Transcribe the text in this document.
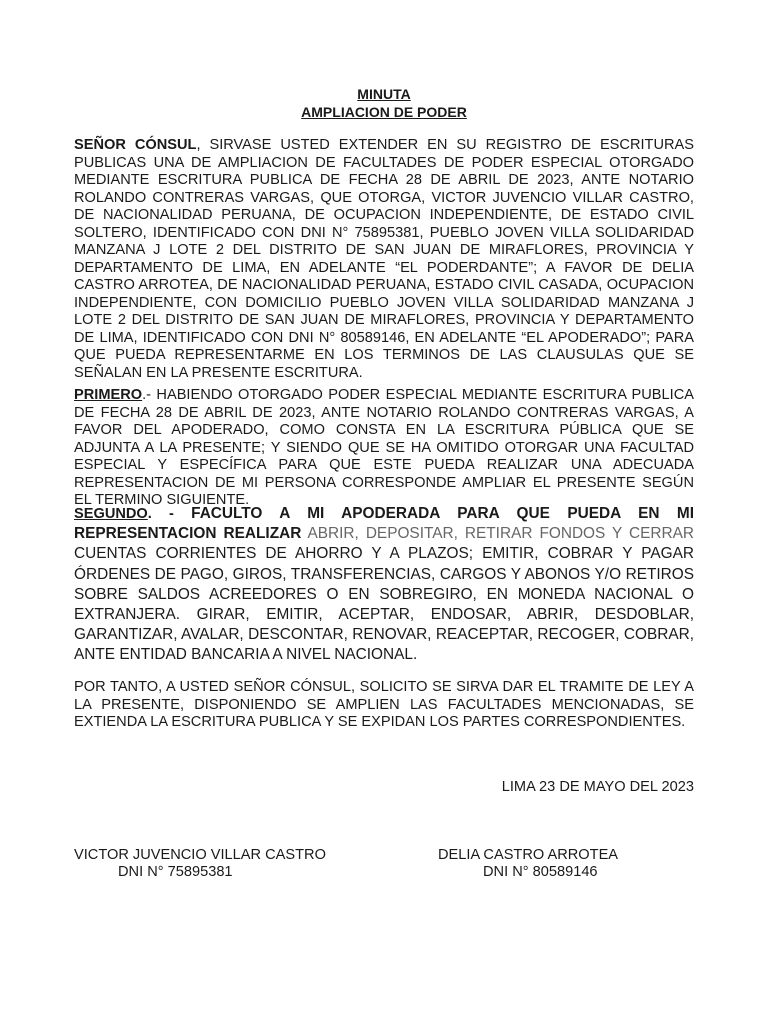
MINUTA
AMPLIACION DE PODER
SEÑOR CÓNSUL, SIRVASE USTED EXTENDER EN SU REGISTRO DE ESCRITURAS PUBLICAS UNA DE AMPLIACION DE FACULTADES DE PODER ESPECIAL OTORGADO MEDIANTE ESCRITURA PUBLICA DE FECHA 28 DE ABRIL DE 2023, ANTE NOTARIO ROLANDO CONTRERAS VARGAS, QUE OTORGA, VICTOR JUVENCIO VILLAR CASTRO, DE NACIONALIDAD PERUANA, DE OCUPACION INDEPENDIENTE, DE ESTADO CIVIL SOLTERO, IDENTIFICADO CON DNI N° 75895381, PUEBLO JOVEN VILLA SOLIDARIDAD MANZANA J LOTE 2 DEL DISTRITO DE SAN JUAN DE MIRAFLORES, PROVINCIA Y DEPARTAMENTO DE LIMA, EN ADELANTE “EL PODERDANTE”; A FAVOR DE DELIA CASTRO ARROTEA, DE NACIONALIDAD PERUANA, ESTADO CIVIL CASADA, OCUPACION INDEPENDIENTE, CON DOMICILIO PUEBLO JOVEN VILLA SOLIDARIDAD MANZANA J LOTE 2 DEL DISTRITO DE SAN JUAN DE MIRAFLORES, PROVINCIA Y DEPARTAMENTO DE LIMA, IDENTIFICADO CON DNI N° 80589146, EN ADELANTE “EL APODERADO”; PARA QUE PUEDA REPRESENTARME EN LOS TERMINOS DE LAS CLAUSULAS QUE SE SEÑALAN EN LA PRESENTE ESCRITURA.
PRIMERO.- HABIENDO OTORGADO PODER ESPECIAL MEDIANTE ESCRITURA PUBLICA DE FECHA 28 DE ABRIL DE 2023, ANTE NOTARIO ROLANDO CONTRERAS VARGAS, A FAVOR DEL APODERADO, COMO CONSTA EN LA ESCRITURA PÚBLICA QUE SE ADJUNTA A LA PRESENTE; Y SIENDO QUE SE HA OMITIDO OTORGAR UNA FACULTAD ESPECIAL Y ESPECÍFICA PARA QUE ESTE PUEDA REALIZAR UNA ADECUADA REPRESENTACION DE MI PERSONA CORRESPONDE AMPLIAR EL PRESENTE SEGÚN EL TERMINO SIGUIENTE.
SEGUNDO. - FACULTO A MI APODERADA PARA QUE PUEDA EN MI REPRESENTACION REALIZAR ABRIR, DEPOSITAR, RETIRAR FONDOS Y CERRAR CUENTAS CORRIENTES DE AHORRO Y A PLAZOS; EMITIR, COBRAR Y PAGAR ÓRDENES DE PAGO, GIROS, TRANSFERENCIAS, CARGOS Y ABONOS Y/O RETIROS SOBRE SALDOS ACREEDORES O EN SOBREGIRO, EN MONEDA NACIONAL O EXTRANJERA. GIRAR, EMITIR, ACEPTAR, ENDOSAR, ABRIR, DESDOBLAR, GARANTIZAR, AVALAR, DESCONTAR, RENOVAR, REACEPTAR, RECOGER, COBRAR, ANTE ENTIDAD BANCARIA A NIVEL NACIONAL.
POR TANTO, A USTED SEÑOR CÓNSUL, SOLICITO SE SIRVA DAR EL TRAMITE DE LEY A LA PRESENTE, DISPONIENDO SE AMPLIEN LAS FACULTADES MENCIONADAS, SE EXTIENDA LA ESCRITURA PUBLICA Y SE EXPIDAN LOS PARTES CORRESPONDIENTES.
LIMA 23 DE MAYO DEL 2023
VICTOR JUVENCIO VILLAR CASTRO
DNI N° 75895381
DELIA CASTRO ARROTEA
DNI N° 80589146
